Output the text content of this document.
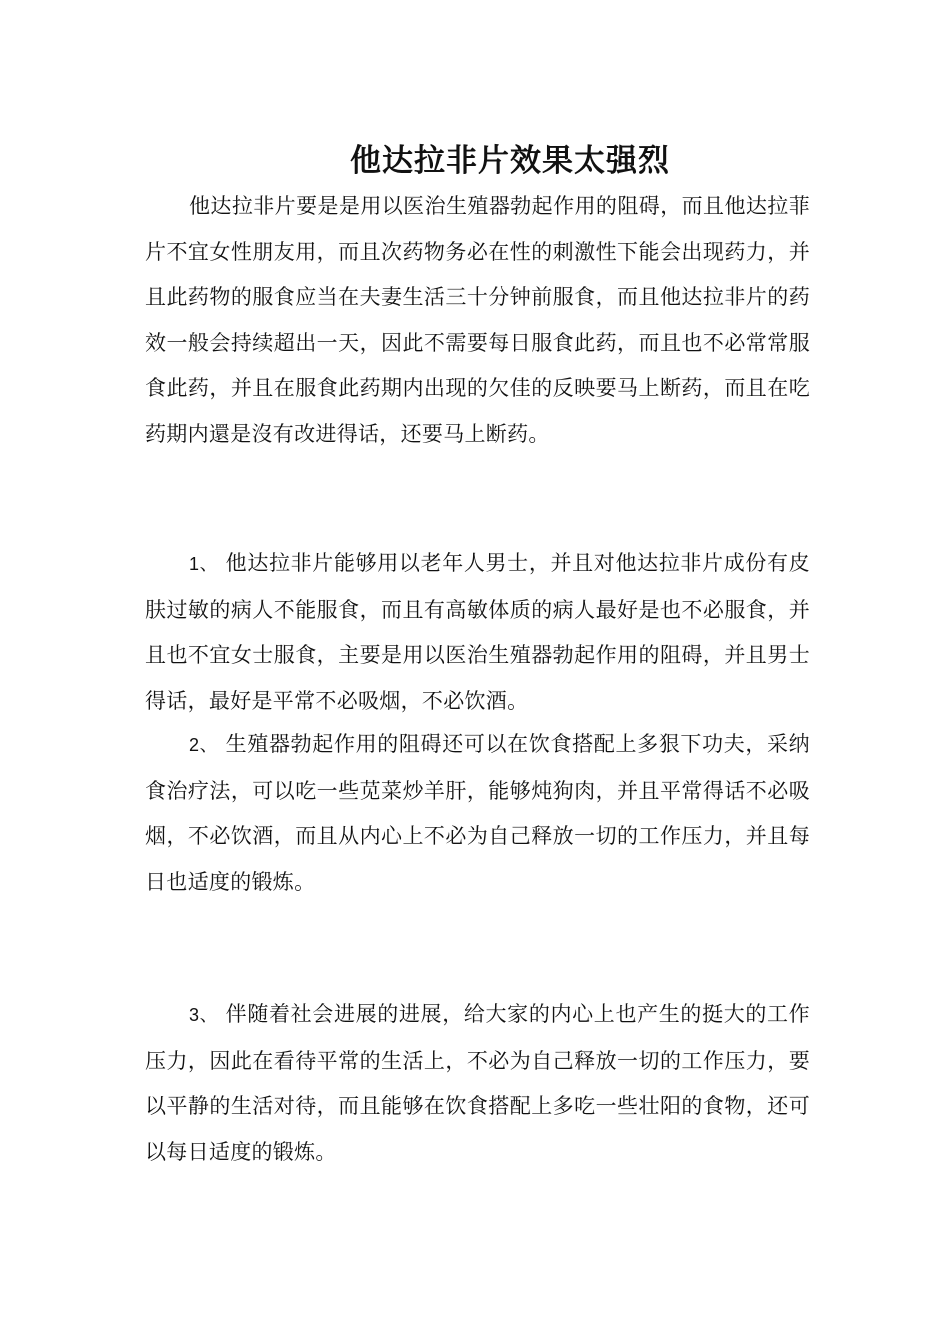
他达拉非片效果太强烈

他达拉非片要是是用以医治生殖器勃起作用的阻碍，而且他达拉菲片不宜女性朋友用，而且次药物务必在性的刺激性下能会出现药力，并且此药物的服食应当在夫妻生活三十分钟前服食，而且他达拉非片的药效一般会持续超出一天，因此不需要每日服食此药，而且也不必常常服食此药，并且在服食此药期内出现的欠佳的反映要马上断药，而且在吃药期内還是沒有改进得话，还要马上断药。

1、 他达拉非片能够用以老年人男士，并且对他达拉非片成份有皮肤过敏的病人不能服食，而且有高敏体质的病人最好是也不必服食，并且也不宜女士服食，主要是用以医治生殖器勃起作用的阻碍，并且男士得话，最好是平常不必吸烟，不必饮酒。

2、 生殖器勃起作用的阻碍还可以在饮食搭配上多狠下功夫，采纳食治疗法，可以吃一些苋菜炒羊肝，能够炖狗肉，并且平常得话不必吸烟，不必饮酒，而且从内心上不必为自己释放一切的工作压力，并且每日也适度的锻炼。

3、 伴随着社会进展的进展，给大家的内心上也产生的挺大的工作压力，因此在看待平常的生活上，不必为自己释放一切的工作压力，要以平静的生活对待，而且能够在饮食搭配上多吃一些壮阳的食物，还可以每日适度的锻炼。
